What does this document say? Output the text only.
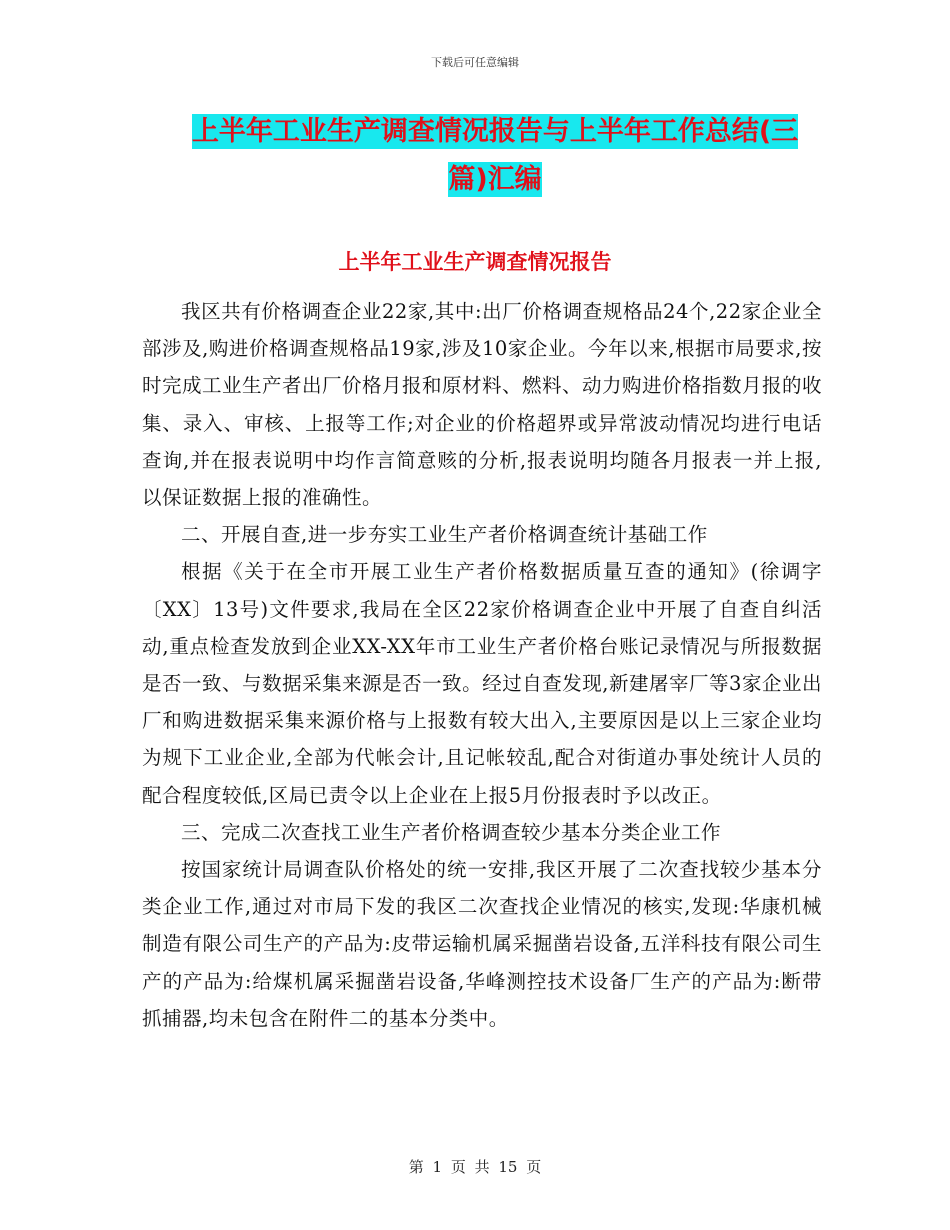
下载后可任意编辑
上半年工业生产调查情况报告与上半年工作总结(三
篇)汇编
上半年工业生产调查情况报告

我区共有价格调查企业22家,其中:出厂价格调查规格品24个,22家企业全部涉及,购进价格调查规格品19家,涉及10家企业。今年以来,根据市局要求,按时完成工业生产者出厂价格月报和原材料、燃料、动力购进价格指数月报的收集、录入、审核、上报等工作;对企业的价格超界或异常波动情况均进行电话查询,并在报表说明中均作言简意赅的分析,报表说明均随各月报表一并上报,以保证数据上报的准确性。

二、开展自查,进一步夯实工业生产者价格调查统计基础工作

根据《关于在全市开展工业生产者价格数据质量互查的通知》(徐调字〔XX〕13号)文件要求,我局在全区22家价格调查企业中开展了自查自纠活动,重点检查发放到企业XX-XX年市工业生产者价格台账记录情况与所报数据是否一致、与数据采集来源是否一致。经过自查发现,新建屠宰厂等3家企业出厂和购进数据采集来源价格与上报数有较大出入,主要原因是以上三家企业均为规下工业企业,全部为代帐会计,且记帐较乱,配合对街道办事处统计人员的配合程度较低,区局已责令以上企业在上报5月份报表时予以改正。

三、完成二次查找工业生产者价格调查较少基本分类企业工作

按国家统计局调查队价格处的统一安排,我区开展了二次查找较少基本分类企业工作,通过对市局下发的我区二次查找企业情况的核实,发现:华康机械制造有限公司生产的产品为:皮带运输机属采掘凿岩设备,五洋科技有限公司生产的产品为:给煤机属采掘凿岩设备,华峰测控技术设备厂生产的产品为:断带抓捕器,均未包含在附件二的基本分类中。

第 1 页 共 15 页
